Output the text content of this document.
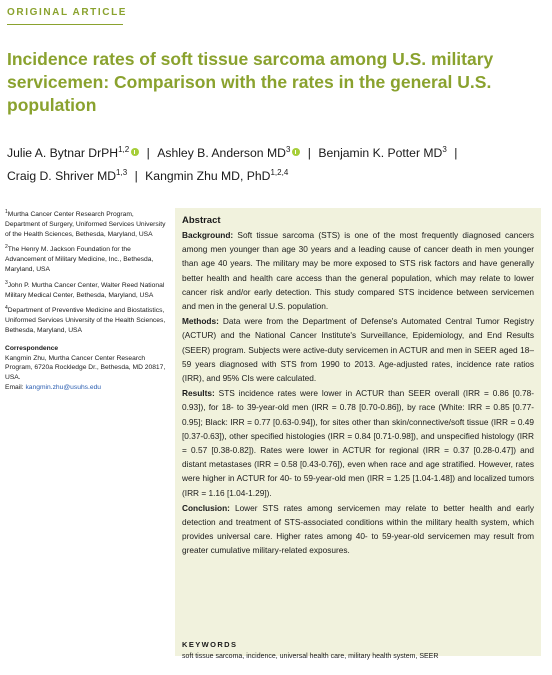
ORIGINAL ARTICLE
Incidence rates of soft tissue sarcoma among U.S. military servicemen: Comparison with the rates in the general U.S. population
Julie A. Bytnar DrPH$^{1,2}$ | Ashley B. Anderson $MD^3$ | Benjamin K. Potter $MD^3$ |
Craig D. Shriver MD$^{1,3}$ | Kangmin Zhu MD, PhD$^{1,2,4}$

$^1$Murtha Cancer Center Research Program, Department of Surgery, Uniformed Services University of the Health Sciences, Bethesda, Maryland, USA

$^2$The Henry M. Jackson Foundation for the Advancement of Military Medicine, Inc., Bethesda, Maryland, USA

$^3$John P. Murtha Cancer Center, Walter Reed National Military Medical Center, Bethesda, Maryland, USA

$^4$Department of Preventive Medicine and Biostatistics, Uniformed Services University of the Health Sciences, Bethesda, Maryland, USA

Correspondence
Kangmin Zhu, Murtha Cancer Center Research Program, 6720a Rockledge Dr., Bethesda, MD 20817, USA.
Email: kangmin.zhu@usuhs.edu
Abstract

Background: Soft tissue sarcoma (STS) is one of the most frequently diagnosed cancers among men younger than age 30 years and a leading cause of cancer death in men younger than age 40 years. The military may be more exposed to STS risk factors and have generally better health and health care access than the general population, which may relate to lower cancer risk and/or early detection. This study compared STS incidence between servicemen and men in the general U.S. population.

Methods: Data were from the Department of Defense's Automated Central Tumor Registry (ACTUR) and the National Cancer Institute's Surveillance, Epidemiology, and End Results (SEER) program. Subjects were active-duty servicemen in ACTUR and men in SEER aged 18–59 years diagnosed with STS from 1990 to 2013. Age-adjusted rates, incidence rate ratios (IRR), and 95% CIs were calculated.

Results: STS incidence rates were lower in ACTUR than SEER overall (IRR = 0.86 [0.78-0.93]), for 18- to 39-year-old men (IRR = 0.78 [0.70-0.86]), by race (White: IRR = 0.85 [0.77-0.95]; Black: IRR = 0.77 [0.63-0.94]), for sites other than skin/connective/soft tissue (IRR = 0.49 [0.37-0.63]), other specified histologies (IRR = 0.84 [0.71-0.98]), and unspecified histology (IRR = 0.57 [0.38-0.82]). Rates were lower in ACTUR for regional (IRR = 0.37 [0.28-0.47]) and distant metastases (IRR = 0.58 [0.43-0.76]), even when race and age stratified. However, rates were higher in ACTUR for 40- to 59-year-old men (IRR = 1.25 [1.04-1.48]) and localized tumors (IRR = 1.16 [1.04-1.29]).

Conclusion: Lower STS rates among servicemen may relate to better health and early detection and treatment of STS-associated conditions within the military health system, which provides universal care. Higher rates among 40- to 59-year-old servicemen may result from greater cumulative military-related exposures.

KEYWORDS
soft tissue sarcoma, incidence, universal health care, military health system, SEER
